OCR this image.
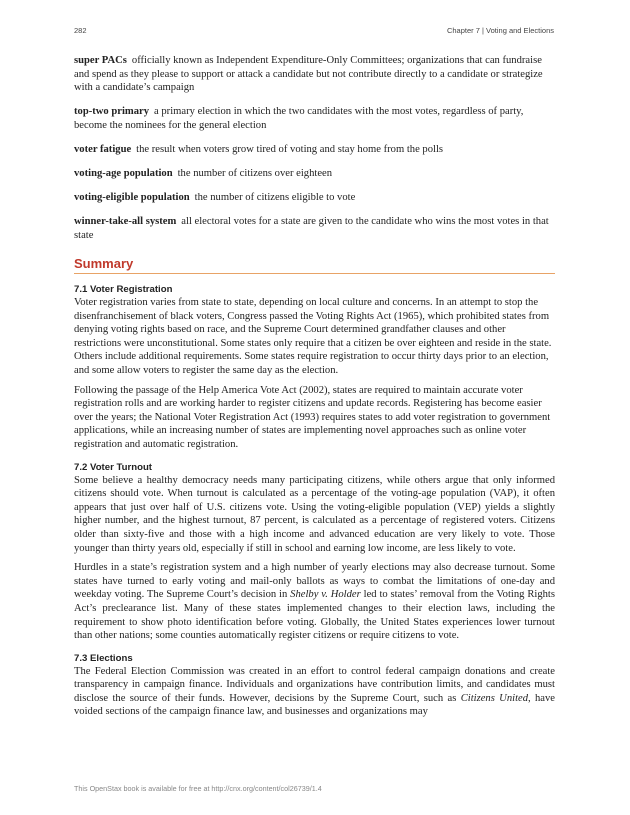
282	Chapter 7 | Voting and Elections

super PACs officially known as Independent Expenditure-Only Committees; organizations that can fundraise and spend as they please to support or attack a candidate but not contribute directly to a candidate or strategize with a candidate’s campaign

top-two primary a primary election in which the two candidates with the most votes, regardless of party, become the nominees for the general election

voter fatigue the result when voters grow tired of voting and stay home from the polls

voting-age population the number of citizens over eighteen

voting-eligible population the number of citizens eligible to vote

winner-take-all system all electoral votes for a state are given to the candidate who wins the most votes in that state

Summary
7.1 Voter Registration

Voter registration varies from state to state, depending on local culture and concerns. In an attempt to stop the disenfranchisement of black voters, Congress passed the Voting Rights Act (1965), which prohibited states from denying voting rights based on race, and the Supreme Court determined grandfather clauses and other restrictions were unconstitutional. Some states only require that a citizen be over eighteen and reside in the state. Others include additional requirements. Some states require registration to occur thirty days prior to an election, and some allow voters to register the same day as the election.

Following the passage of the Help America Vote Act (2002), states are required to maintain accurate voter registration rolls and are working harder to register citizens and update records. Registering has become easier over the years; the National Voter Registration Act (1993) requires states to add voter registration to government applications, while an increasing number of states are implementing novel approaches such as online voter registration and automatic registration.

7.2 Voter Turnout

Some believe a healthy democracy needs many participating citizens, while others argue that only informed citizens should vote. When turnout is calculated as a percentage of the voting-age population (VAP), it often appears that just over half of U.S. citizens vote. Using the voting-eligible population (VEP) yields a slightly higher number, and the highest turnout, 87 percent, is calculated as a percentage of registered voters. Citizens older than sixty-five and those with a high income and advanced education are very likely to vote. Those younger than thirty years old, especially if still in school and earning low income, are less likely to vote.

Hurdles in a state’s registration system and a high number of yearly elections may also decrease turnout. Some states have turned to early voting and mail-only ballots as ways to combat the limitations of one-day and weekday voting. The Supreme Court’s decision in Shelby v. Holder led to states’ removal from the Voting Rights Act’s preclearance list. Many of these states implemented changes to their election laws, including the requirement to show photo identification before voting. Globally, the United States experiences lower turnout than other nations; some counties automatically register citizens or require citizens to vote.

7.3 Elections

The Federal Election Commission was created in an effort to control federal campaign donations and create transparency in campaign finance. Individuals and organizations have contribution limits, and candidates must disclose the source of their funds. However, decisions by the Supreme Court, such as Citizens United, have voided sections of the campaign finance law, and businesses and organizations may

This OpenStax book is available for free at http://cnx.org/content/col26739/1.4
